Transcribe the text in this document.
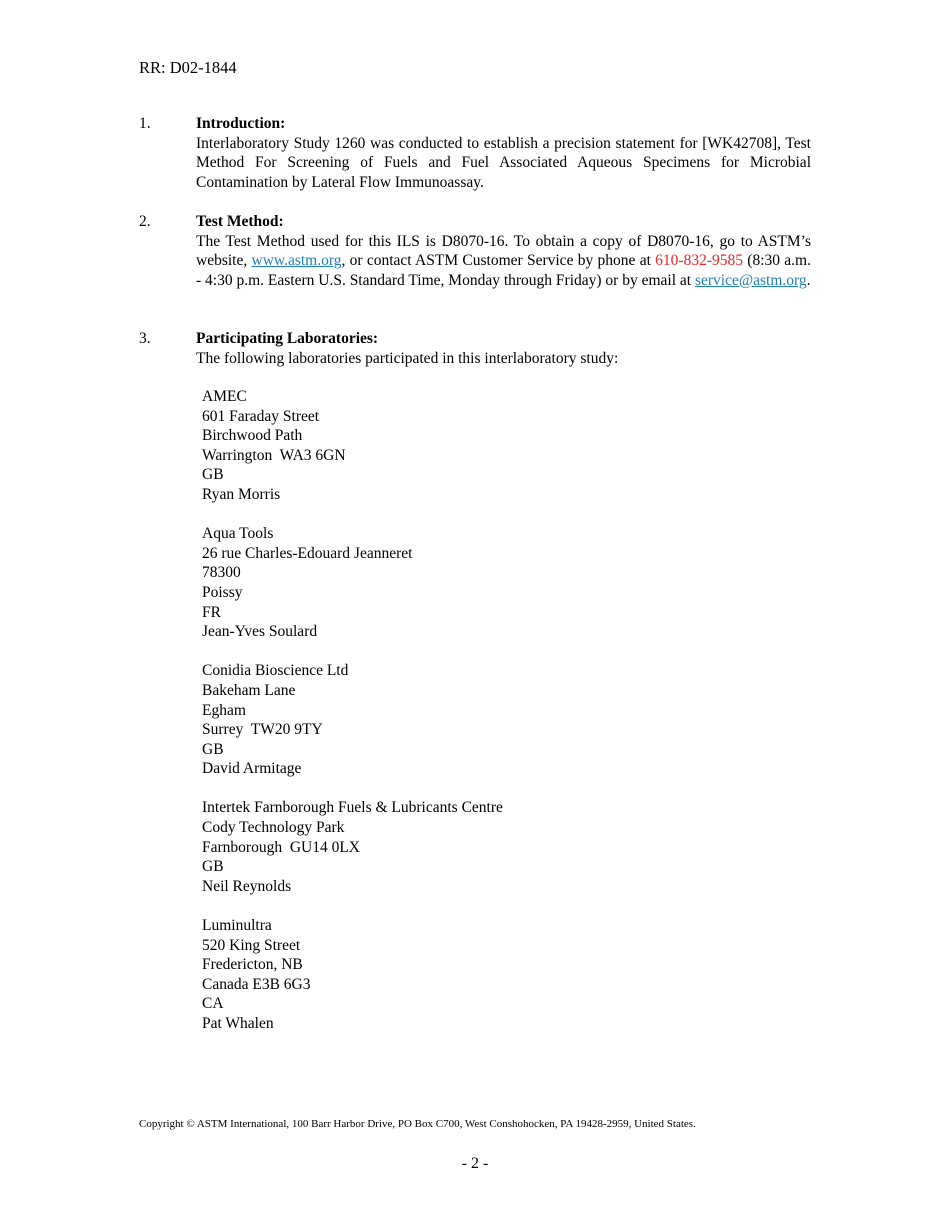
RR: D02-1844
1.	Introduction:
Interlaboratory Study 1260 was conducted to establish a precision statement for [WK42708], Test Method For Screening of Fuels and Fuel Associated Aqueous Specimens for Microbial Contamination by Lateral Flow Immunoassay.
2.	Test Method:
The Test Method used for this ILS is D8070-16. To obtain a copy of D8070-16, go to ASTM’s website, www.astm.org, or contact ASTM Customer Service by phone at 610-832-9585 (8:30 a.m. - 4:30 p.m. Eastern U.S. Standard Time, Monday through Friday) or by email at service@astm.org.
3.	Participating Laboratories:
The following laboratories participated in this interlaboratory study:
AMEC
601 Faraday Street
Birchwood Path
Warrington  WA3 6GN
GB
Ryan Morris
Aqua Tools
26 rue Charles-Edouard Jeanneret
78300
Poissy
FR
Jean-Yves Soulard
Conidia Bioscience Ltd
Bakeham Lane
Egham
Surrey  TW20 9TY
GB
David Armitage
Intertek Farnborough Fuels & Lubricants Centre
Cody Technology Park
Farnborough  GU14 0LX
GB
Neil Reynolds
Luminultra
520 King Street
Fredericton, NB
Canada E3B 6G3
CA
Pat Whalen
Copyright © ASTM International, 100 Barr Harbor Drive, PO Box C700, West Conshohocken, PA 19428-2959, United States.
- 2 -
